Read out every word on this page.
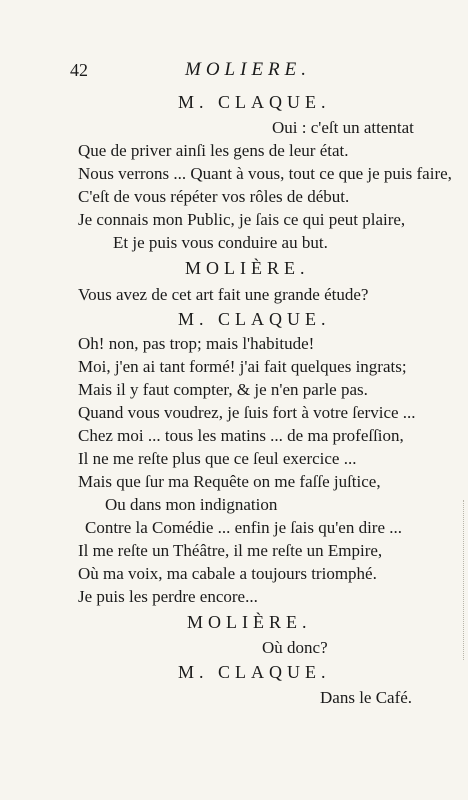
42	MOLIERE.
M. CLAQUE.
Oui : c'eſt un attentat
Que de priver ainſi les gens de leur état.
Nous verrons ... Quant à vous, tout ce que je puis faire,
C'eſt de vous répéter vos rôles de début.
Je connais mon Public, je ſais ce qui peut plaire,
Et je puis vous conduire au but.
MOLIÈRE.
Vous avez de cet art fait une grande étude?
M. CLAQUE.
Oh! non, pas trop; mais l'habitude!
Moi, j'en ai tant formé! j'ai fait quelques ingrats;
Mais il y faut compter, & je n'en parle pas.
Quand vous voudrez, je ſuis fort à votre ſervice ...
Chez moi ... tous les matins ... de ma profeſſion,
Il ne me reſte plus que ce ſeul exercice ...
Mais que ſur ma Requête on me faſſe juſtice,
Ou dans mon indignation
Contre la Comédie ... enfin je ſais qu'en dire ...
Il me reſte un Théâtre, il me reſte un Empire,
Où ma voix, ma cabale a toujours triomphé.
Je puis les perdre encore...
MOLIÈRE.
Où donc?
M. CLAQUE.
Dans le Café.
